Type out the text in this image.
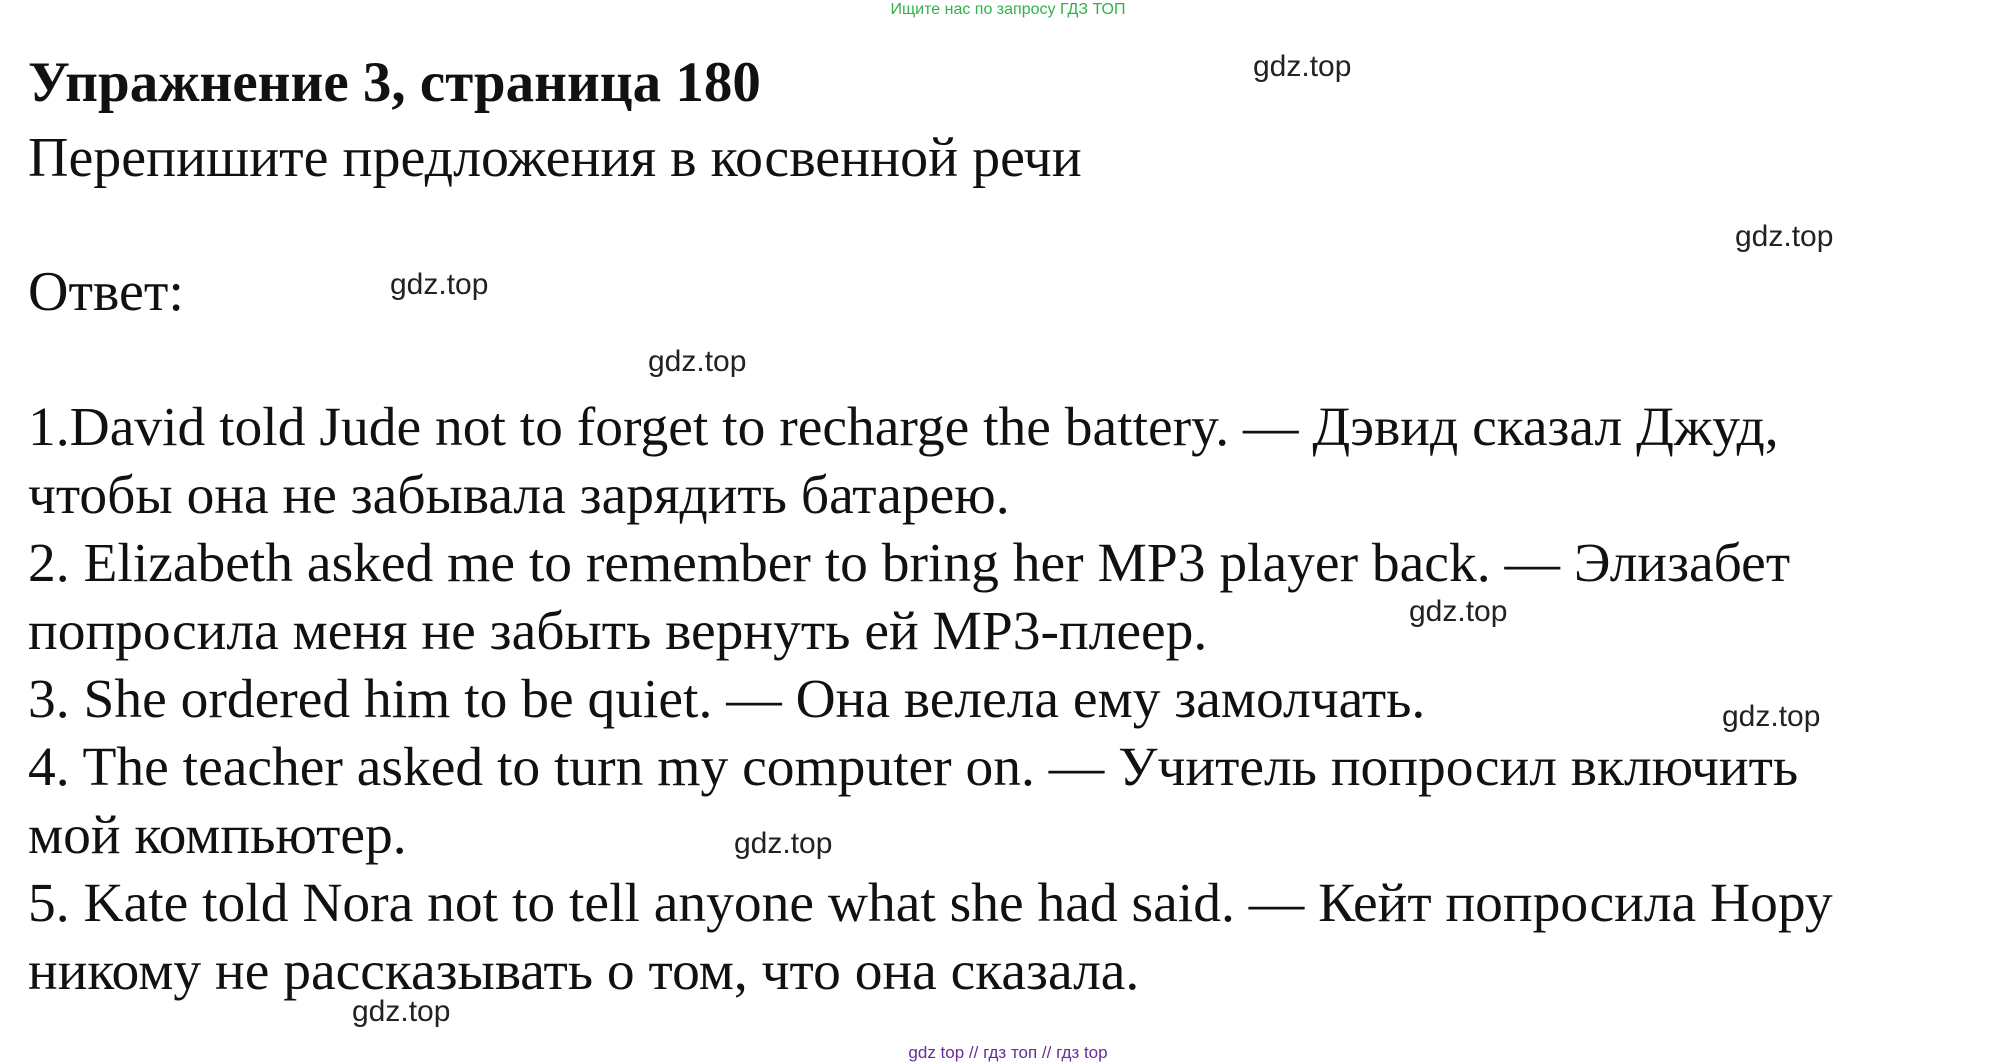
Ищите нас по запросу ГДЗ ТОП
Упражнение 3, страница 180
Перепишите предложения в косвенной речи
Ответ:
1.David told Jude not to forget to recharge the battery. — Дэвид сказал Джуд,
чтобы она не забывала зарядить батарею.
2. Elizabeth asked me to remember to bring her MP3 player back. — Элизабет
попросила меня не забыть вернуть ей MP3-плеер.
3. She ordered him to be quiet. — Она велела ему замолчать.
4. The teacher asked to turn my computer on. — Учитель попросил включить
мой компьютер.
5. Kate told Nora not to tell anyone what she had said. — Кейт попросила Нору
никому не рассказывать о том, что она сказала.
gdz.top
gdz.top
gdz.top
gdz.top
gdz.top
gdz.top
gdz.top
gdz.top
gdz top // гдз топ // гдз top
